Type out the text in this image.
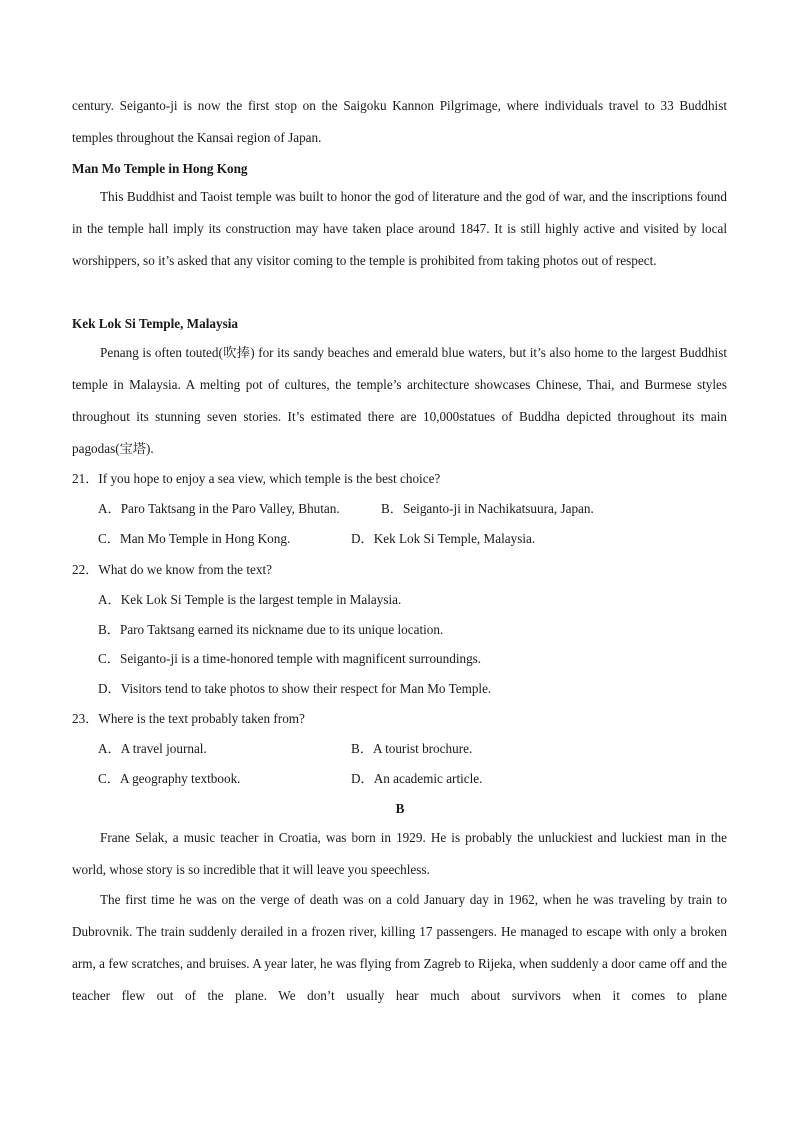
century. Seiganto-ji is now the first stop on the Saigoku Kannon Pilgrimage, where individuals travel to 33 Buddhist temples throughout the Kansai region of Japan.

Man Mo Temple in Hong Kong

This Buddhist and Taoist temple was built to honor the god of literature and the god of war, and the inscriptions found in the temple hall imply its construction may have taken place around 1847. It is still highly active and visited by local worshippers, so it’s asked that any visitor coming to the temple is prohibited from taking photos out of respect.

Kek Lok Si Temple, Malaysia

Penang is often touted(吹捧) for its sandy beaches and emerald blue waters, but it’s also home to the largest Buddhist temple in Malaysia. A melting pot of cultures, the temple’s architecture showcases Chinese, Thai, and Burmese styles throughout its stunning seven stories. It’s estimated there are 10,000statues of Buddha depicted throughout its main pagodas(宝塔).

21．If you hope to enjoy a sea view, which temple is the best choice?

A．Paro Taktsang in the Paro Valley, Bhutan.	B．Seiganto-ji in Nachikatsuura, Japan.

C．Man Mo Temple in Hong Kong.	D．Kek Lok Si Temple, Malaysia.

22．What do we know from the text?

A．Kek Lok Si Temple is the largest temple in Malaysia.

B．Paro Taktsang earned its nickname due to its unique location.

C．Seiganto-ji is a time-honored temple with magnificent surroundings.

D．Visitors tend to take photos to show their respect for Man Mo Temple.

23．Where is the text probably taken from?

A．A travel journal.	B．A tourist brochure.

C．A geography textbook.	D．An academic article.

B

Frane Selak, a music teacher in Croatia, was born in 1929. He is probably the unluckiest and luckiest man in the world, whose story is so incredible that it will leave you speechless.

The first time he was on the verge of death was on a cold January day in 1962, when he was traveling by train to Dubrovnik. The train suddenly derailed in a frozen river, killing 17 passengers. He managed to escape with only a broken arm, a few scratches, and bruises. A year later, he was flying from Zagreb to Rijeka, when suddenly a door came off and the teacher flew out of the plane. We don’t usually hear much about survivors when it comes to plane
